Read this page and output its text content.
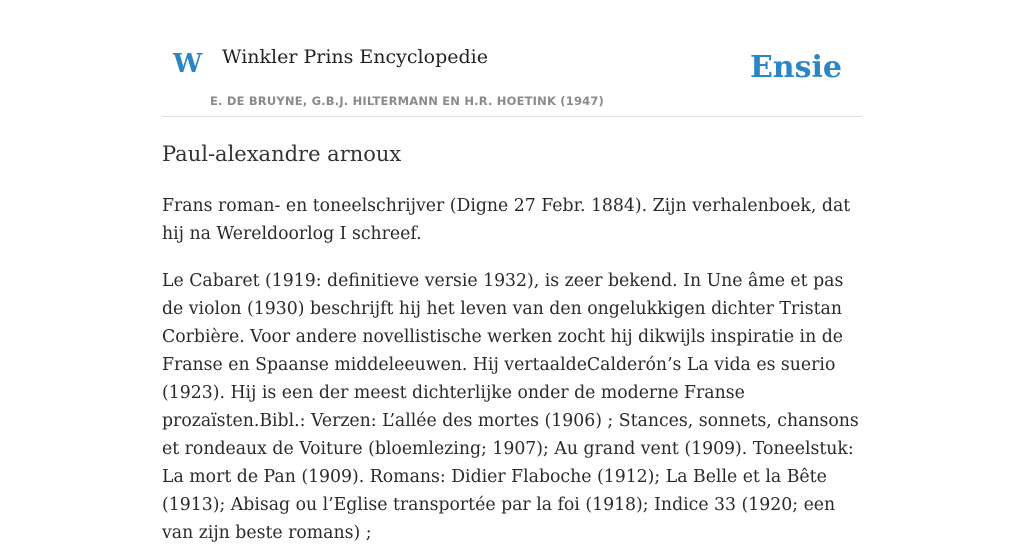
W Winkler Prins Encyclopedie
E. DE BRUYNE, G.B.J. HILTERMANN EN H.R. HOETINK (1947)
Ensie
Paul-alexandre arnoux

Frans roman- en toneelschrijver (Digne 27 Febr. 1884). Zijn verhalenboek, dat hij na Wereldoorlog I schreef.

Le Cabaret (1919: definitieve versie 1932), is zeer bekend. In Une âme et pas de violon (1930) beschrijft hij het leven van den ongelukkigen dichter Tristan Corbière. Voor andere novellistische werken zocht hij dikwijls inspiratie in de Franse en Spaanse middeleeuwen. Hij vertaaldeCalderón’s La vida es suerio (1923). Hij is een der meest dichterlijke onder de moderne Franse prozaïsten.Bibl.: Verzen: L’allée des mortes (1906) ; Stances, sonnets, chansons et rondeaux de Voiture (bloemlezing; 1907); Au grand vent (1909). Toneelstuk: La mort de Pan (1909). Romans: Didier Flaboche (1912); La Belle et la Bête (1913); Abisag ou l’Eglise transportée par la foi (1918); Indice 33 (1920; een van zijn beste romans) ;
